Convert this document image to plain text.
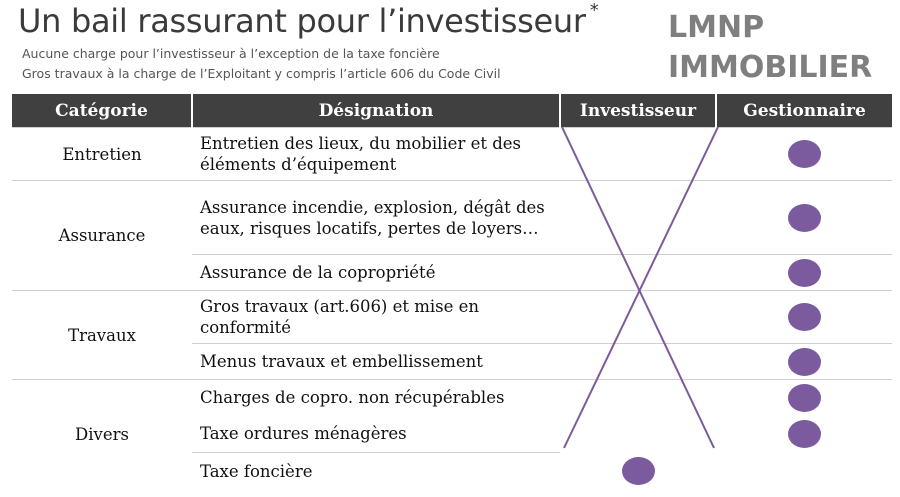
Un bail rassurant pour l’investisseur *
Aucune charge pour l’investisseur à l’exception de la taxe foncière
Gros travaux à la charge de l’Exploitant y compris l’article 606 du Code Civil
LMNP
IMMOBILIER
Catégorie	Désignation	Investisseur	Gestionnaire
Entretien	Entretien des lieux, du mobilier et des éléments d’équipement		
Assurance	Assurance incendie, explosion, dégât des eaux, risques locatifs, pertes de loyers…		
	Assurance de la copropriété		
Travaux	Gros travaux (art.606) et mise en conformité		
	Menus travaux et embellissement		
Divers	Charges de copro. non récupérables		
	Taxe ordures ménagères		
	Taxe foncière		
